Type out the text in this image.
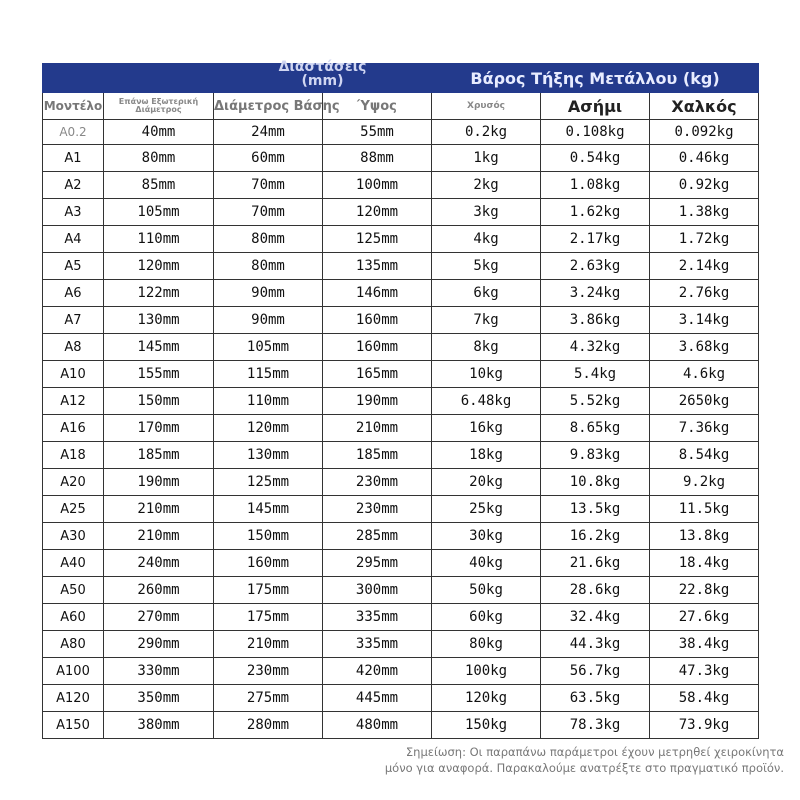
		Διαστάσεις
(mm)		Βάρος Τήξης Μετάλλου (kg)		
Μοντέλο	Επάνω Εξωτερική Διάμετρος	Διάμετρος Βάσης	Ύψος	Χρυσός	Ασήμι	Χαλκός
A0.2	40mm	24mm	55mm	0.2kg	0.108kg	0.092kg
A1	80mm	60mm	88mm	1kg	0.54kg	0.46kg
A2	85mm	70mm	100mm	2kg	1.08kg	0.92kg
A3	105mm	70mm	120mm	3kg	1.62kg	1.38kg
A4	110mm	80mm	125mm	4kg	2.17kg	1.72kg
A5	120mm	80mm	135mm	5kg	2.63kg	2.14kg
A6	122mm	90mm	146mm	6kg	3.24kg	2.76kg
A7	130mm	90mm	160mm	7kg	3.86kg	3.14kg
A8	145mm	105mm	160mm	8kg	4.32kg	3.68kg
A10	155mm	115mm	165mm	10kg	5.4kg	4.6kg
A12	150mm	110mm	190mm	6.48kg	5.52kg	2650kg
A16	170mm	120mm	210mm	16kg	8.65kg	7.36kg
A18	185mm	130mm	185mm	18kg	9.83kg	8.54kg
A20	190mm	125mm	230mm	20kg	10.8kg	9.2kg
A25	210mm	145mm	230mm	25kg	13.5kg	11.5kg
A30	210mm	150mm	285mm	30kg	16.2kg	13.8kg
A40	240mm	160mm	295mm	40kg	21.6kg	18.4kg
A50	260mm	175mm	300mm	50kg	28.6kg	22.8kg
A60	270mm	175mm	335mm	60kg	32.4kg	27.6kg
A80	290mm	210mm	335mm	80kg	44.3kg	38.4kg
A100	330mm	230mm	420mm	100kg	56.7kg	47.3kg
A120	350mm	275mm	445mm	120kg	63.5kg	58.4kg
A150	380mm	280mm	480mm	150kg	78.3kg	73.9kg
Σημείωση: Οι παραπάνω παράμετροι έχουν μετρηθεί χειροκίνητα
μόνο για αναφορά. Παρακαλούμε ανατρέξτε στο πραγματικό προϊόν.
